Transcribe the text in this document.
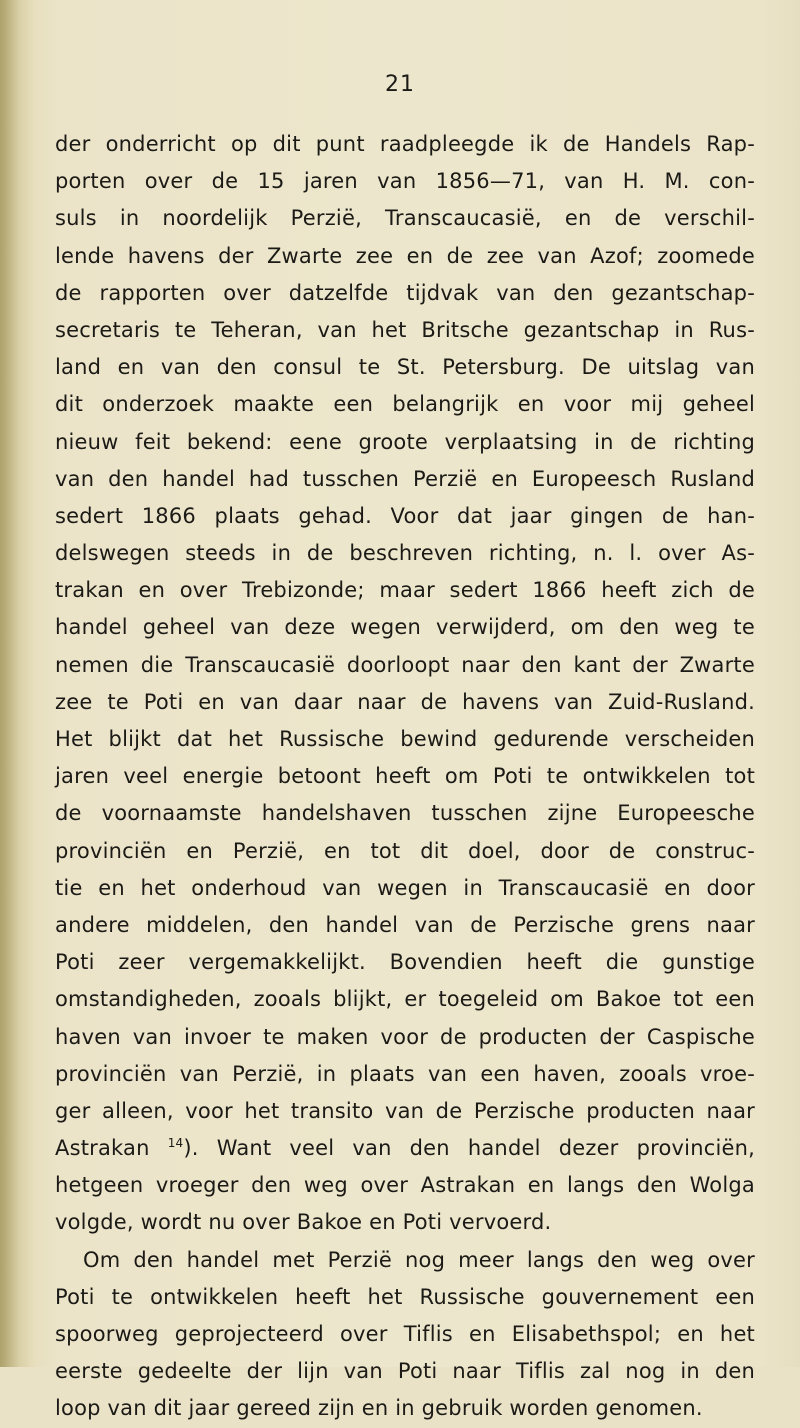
21
der onderricht op dit punt raadpleegde ik de Handels Rap-
porten over de 15 jaren van 1856—71, van H. M. con-
suls in noordelijk Perzië, Transcaucasië, en de verschil-
lende havens der Zwarte zee en de zee van Azof; zoomede
de rapporten over datzelfde tijdvak van den gezantschap-
secretaris te Teheran, van het Britsche gezantschap in Rus-
land en van den consul te St. Petersburg. De uitslag van
dit onderzoek maakte een belangrijk en voor mij geheel
nieuw feit bekend: eene groote verplaatsing in de richting
van den handel had tusschen Perzië en Europeesch Rusland
sedert 1866 plaats gehad. Voor dat jaar gingen de han-
delswegen steeds in de beschreven richting, n. l. over As-
trakan en over Trebizonde; maar sedert 1866 heeft zich de
handel geheel van deze wegen verwijderd, om den weg te
nemen die Transcaucasië doorloopt naar den kant der Zwarte
zee te Poti en van daar naar de havens van Zuid-Rusland.
Het blijkt dat het Russische bewind gedurende verscheiden
jaren veel energie betoont heeft om Poti te ontwikkelen tot
de voornaamste handelshaven tusschen zijne Europeesche
provinciën en Perzië, en tot dit doel, door de construc-
tie en het onderhoud van wegen in Transcaucasië en door
andere middelen, den handel van de Perzische grens naar
Poti zeer vergemakkelijkt. Bovendien heeft die gunstige
omstandigheden, zooals blijkt, er toegeleid om Bakoe tot een
haven van invoer te maken voor de producten der Caspische
provinciën van Perzië, in plaats van een haven, zooals vroe-
ger alleen, voor het transito van de Perzische producten naar
Astrakan $^{14}$). Want veel van den handel dezer provinciën,
hetgeen vroeger den weg over Astrakan en langs den Wolga
volgde, wordt nu over Bakoe en Poti vervoerd.
Om den handel met Perzië nog meer langs den weg over
Poti te ontwikkelen heeft het Russische gouvernement een
spoorweg geprojecteerd over Tiflis en Elisabethspol; en het
eerste gedeelte der lijn van Poti naar Tiflis zal nog in den
loop van dit jaar gereed zijn en in gebruik worden genomen.
